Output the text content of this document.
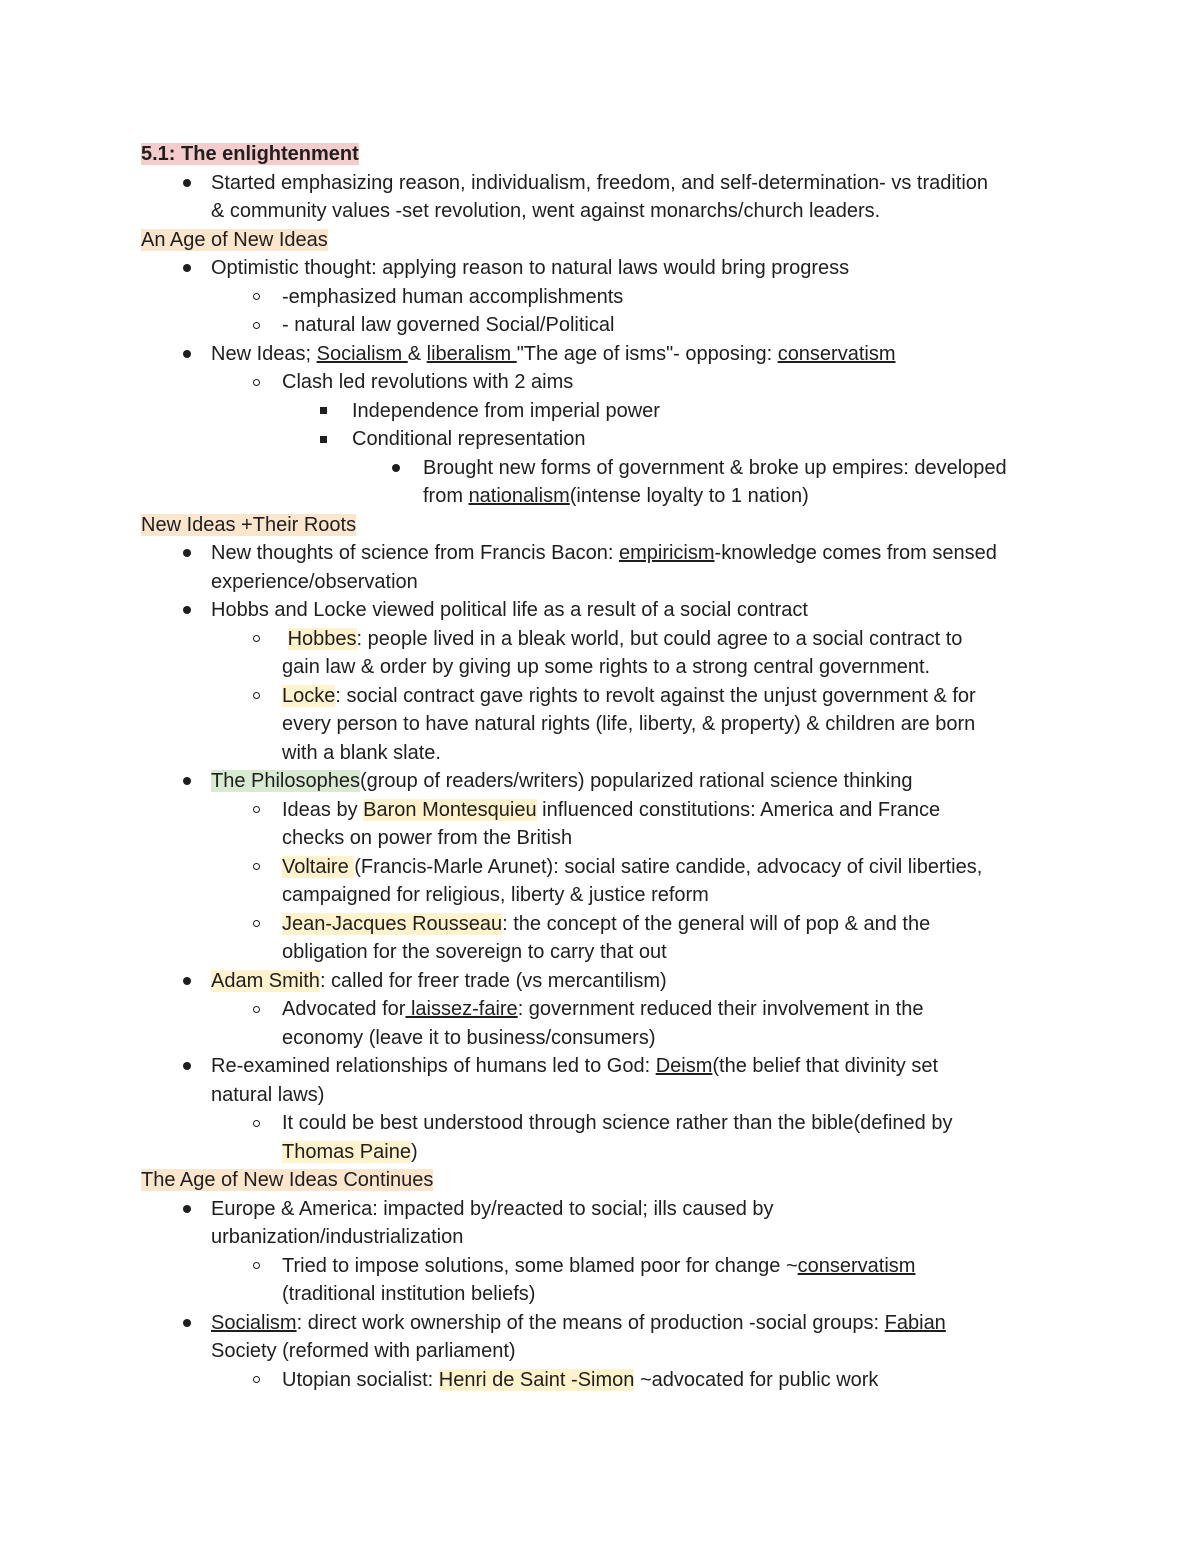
5.1: The enlightenment
Started emphasizing reason, individualism, freedom, and self-determination- vs tradition
& community values -set revolution, went against monarchs/church leaders.
An Age of New Ideas
Optimistic thought: applying reason to natural laws would bring progress
-emphasized human accomplishments
- natural law governed Social/Political
New Ideas; Socialism & liberalism "The age of isms"- opposing: conservatism
Clash led revolutions with 2 aims
Independence from imperial power
Conditional representation
Brought new forms of government & broke up empires: developed
from nationalism(intense loyalty to 1 nation)
New Ideas +Their Roots
New thoughts of science from Francis Bacon: empiricism-knowledge comes from sensed
experience/observation
Hobbs and Locke viewed political life as a result of a social contract
Hobbes: people lived in a bleak world, but could agree to a social contract to
gain law & order by giving up some rights to a strong central government.
Locke: social contract gave rights to revolt against the unjust government & for
every person to have natural rights (life, liberty, & property) & children are born
with a blank slate.
The Philosophes(group of readers/writers) popularized rational science thinking
Ideas by Baron Montesquieu influenced constitutions: America and France
checks on power from the British
Voltaire (Francis-Marle Arunet): social satire candide, advocacy of civil liberties,
campaigned for religious, liberty & justice reform
Jean-Jacques Rousseau: the concept of the general will of pop & and the
obligation for the sovereign to carry that out
Adam Smith: called for freer trade (vs mercantilism)
Advocated for laissez-faire: government reduced their involvement in the
economy (leave it to business/consumers)
Re-examined relationships of humans led to God: Deism(the belief that divinity set
natural laws)
It could be best understood through science rather than the bible(defined by
Thomas Paine)
The Age of New Ideas Continues
Europe & America: impacted by/reacted to social; ills caused by
urbanization/industrialization
Tried to impose solutions, some blamed poor for change ~conservatism
(traditional institution beliefs)
Socialism: direct work ownership of the means of production -social groups: Fabian
Society (reformed with parliament)
Utopian socialist: Henri de Saint -Simon ~advocated for public work
